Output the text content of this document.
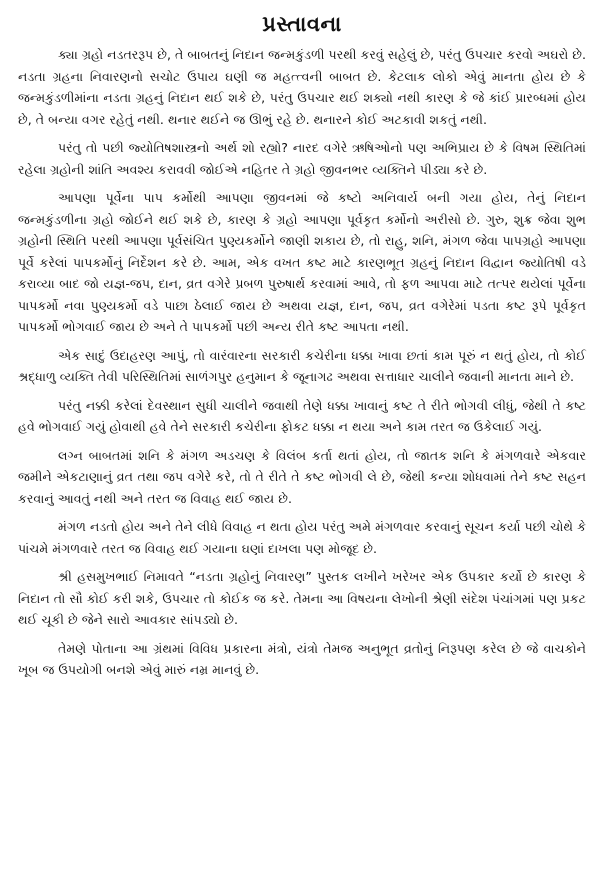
પ્રસ્તાવના

ક્યા ગ્રહો નડતરરૂપ છે, તે બાબતનું નિદાન જન્મકુંડળી પરથી કરવું સહેલું છે, પરંતુ ઉપચાર કરવો અઘરો છે. નડતા ગ્રહના નિવારણનો સચોટ ઉપાય ઘણી જ મહત્ત્વની બાબત છે. કેટલાક લોકો એવું માનતા હોય છે કે જન્મકુંડળીમાંના નડતા ગ્રહનું નિદાન થઈ શકે છે, પરંતુ ઉપચાર થઈ શક્યો નથી કારણ કે જે કાંઈ પ્રારબ્ધમાં હોય છે, તે બન્યા વગર રહેતું નથી. થનાર થઈને જ ઊભું રહે છે. થનારને કોઈ અટકાવી શકતું નથી.

પરંતુ તો પછી જ્યોતિષશાસ્ત્રનો અર્થ શો રહ્યો? નારદ વગેરે ઋષિઓનો પણ અભિપ્રાય છે કે વિષમ સ્થિતિમાં રહેલા ગ્રહોની શાંતિ અવશ્ય કરાવવી જોઈએ નહિતર તે ગ્રહો જીવનભર વ્યક્તિને પીડ્યા કરે છે.

આપણા પૂર્વેના પાપ કર્મોથી આપણા જીવનમાં જે કષ્ટો અનિવાર્ય બની ગયા હોય, તેનું નિદાન જન્મકુંડળીના ગ્રહો જોઈને થઈ શકે છે, કારણ કે ગ્રહો આપણા પૂર્વકૃત કર્મોનો અરીસો છે. ગુરુ, શુક્ર જેવા શુભ ગ્રહોની સ્થિતિ પરથી આપણા પૂર્વસંચિત પુણ્યકર્મોને જાણી શકાય છે, તો રાહુ, શનિ, મંગળ જેવા પાપગ્રહો આપણા પૂર્વે કરેલાં પાપકર્મોનું નિર્દેશન કરે છે. આમ, એક વખત કષ્ટ માટે કારણભૂત ગ્રહનું નિદાન વિદ્વાન જ્યોતિષી વડે કરાવ્યા બાદ જો યજ્ઞ-જપ, દાન, વ્રત વગેરે પ્રબળ પુરુષાર્થ કરવામાં આવે, તો ફળ આપવા માટે તત્પર થયેલાં પૂર્વેના પાપકર્મો નવા પુણ્યકર્મો વડે પાછા ઠેલાઈ જાય છે અથવા યજ્ઞ, દાન, જપ, વ્રત વગેરેમાં પડતા કષ્ટ રૂપે પૂર્વકૃત પાપકર્મો ભોગવાઈ જાય છે અને તે પાપકર્મો પછી અન્ય રીતે કષ્ટ આપતા નથી.

એક સાદું ઉદાહરણ આપું, તો વારંવારના સરકારી કચેરીના ધક્કા ખાવા છતાં કામ પૂરું ન થતું હોય, તો કોઈ શ્રદ્ધાળુ વ્યક્તિ તેવી પરિસ્થિતિમાં સાળંગપુર હનુમાન કે જૂનાગઢ અથવા સત્તાધાર ચાલીને જવાની માનતા માને છે.

પરંતુ નક્કી કરેલાં દેવસ્થાન સુધી ચાલીને જવાથી તેણે ધક્કા ખાવાનું કષ્ટ તે રીતે ભોગવી લીધું, જેથી તે કષ્ટ હવે ભોગવાઈ ગયું હોવાથી હવે તેને સરકારી કચેરીના ફોકટ ધક્કા ન થયા અને કામ તરત જ ઉકેલાઈ ગયું.

લગ્ન બાબતમાં શનિ કે મંગળ અડચણ કે વિલંબ કર્તા થતાં હોય, તો જાતક શનિ કે મંગળવારે એકવાર જમીને એકટાણાનું વ્રત તથા જપ વગેરે કરે, તો તે રીતે તે કષ્ટ ભોગવી લે છે, જેથી કન્યા શોધવામાં તેને કષ્ટ સહન કરવાનું આવતું નથી અને તરત જ વિવાહ થઈ જાય છે.

મંગળ નડતો હોય અને તેને લીધે વિવાહ ન થતા હોય પરંતુ અમે મંગળવાર કરવાનું સૂચન કર્યા પછી ચોથે કે પાંચમે મંગળવારે તરત જ વિવાહ થઈ ગયાના ઘણાં દાખલા પણ મોજૂદ છે.

શ્રી હસમુખભાઈ નિમાવતે “નડતા ગ્રહોનું નિવારણ” પુસ્તક લખીને ખરેખર એક ઉપકાર કર્યો છે કારણ કે નિદાન તો સૌ કોઈ કરી શકે, ઉપચાર તો કોઈક જ કરે. તેમના આ વિષયના લેખોની શ્રેણી સંદેશ પંચાંગમાં પણ પ્રકટ થઈ ચૂકી છે જેને સારો આવકાર સાંપડ્યો છે.

તેમણે પોતાના આ ગ્રંથમાં વિવિધ પ્રકારના મંત્રો, યંત્રો તેમજ અનુભૂત વ્રતોનું નિરૂપણ કરેલ છે જે વાચકોને ખૂબ જ ઉપયોગી બનશે એવું મારું નમ્ર માનવું છે.
